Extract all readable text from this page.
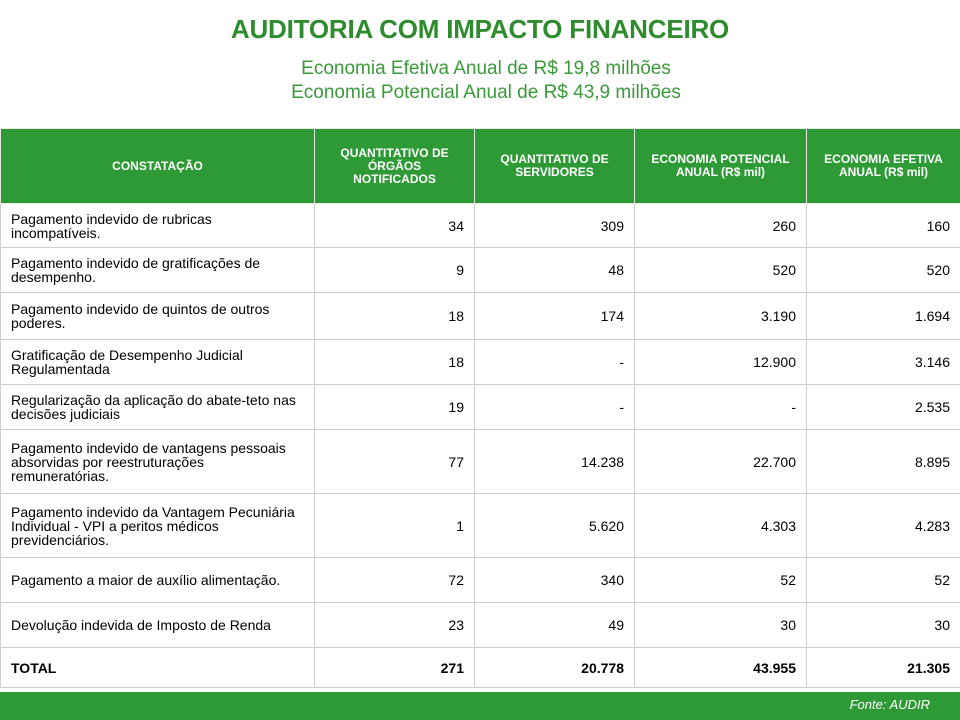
AUDITORIA COM IMPACTO FINANCEIRO
Economia Efetiva Anual de R$ 19,8 milhões
Economia Potencial Anual de R$ 43,9 milhões
CONSTATAÇÃO	QUANTITATIVO DE ÓRGÃOS NOTIFICADOS	QUANTITATIVO DE SERVIDORES	ECONOMIA POTENCIAL ANUAL (R$ mil)	ECONOMIA EFETIVA ANUAL (R$ mil)
Pagamento indevido de rubricas incompatíveis.	34	309	260	160
Pagamento indevido de gratificações de desempenho.	9	48	520	520
Pagamento indevido de quintos de outros poderes.	18	174	3.190	1.694
Gratificação de Desempenho Judicial Regulamentada	18	-	12.900	3.146
Regularização da aplicação do abate-teto nas decisões judiciais	19	-	-	2.535
Pagamento indevido de vantagens pessoais absorvidas por reestruturações remuneratórias.	77	14.238	22.700	8.895
Pagamento indevido da Vantagem Pecuniária Individual - VPI a peritos médicos previdenciários.	1	5.620	4.303	4.283
Pagamento a maior de auxílio alimentação.	72	340	52	52
Devolução indevida de Imposto de Renda	23	49	30	30
TOTAL	271	20.778	43.955	21.305
Fonte: AUDIR
